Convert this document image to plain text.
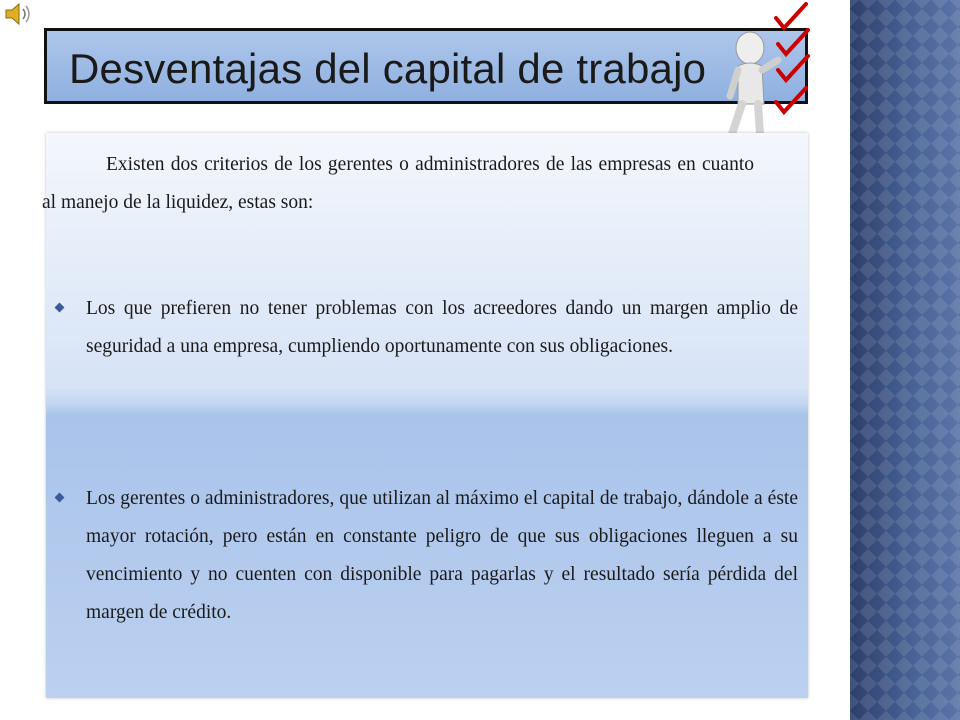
Desventajas del capital de trabajo
Existen dos criterios de los gerentes o administradores de las empresas en cuanto al manejo de la liquidez, estas son:
Los que prefieren no tener problemas con los acreedores dando un margen amplio de seguridad a una empresa, cumpliendo oportunamente con sus obligaciones.
Los gerentes o administradores, que utilizan al máximo el capital de trabajo, dándole a éste mayor rotación, pero están en constante peligro de que sus obligaciones lleguen a su vencimiento y no cuenten con disponible para pagarlas y el resultado sería pérdida del margen de crédito.
